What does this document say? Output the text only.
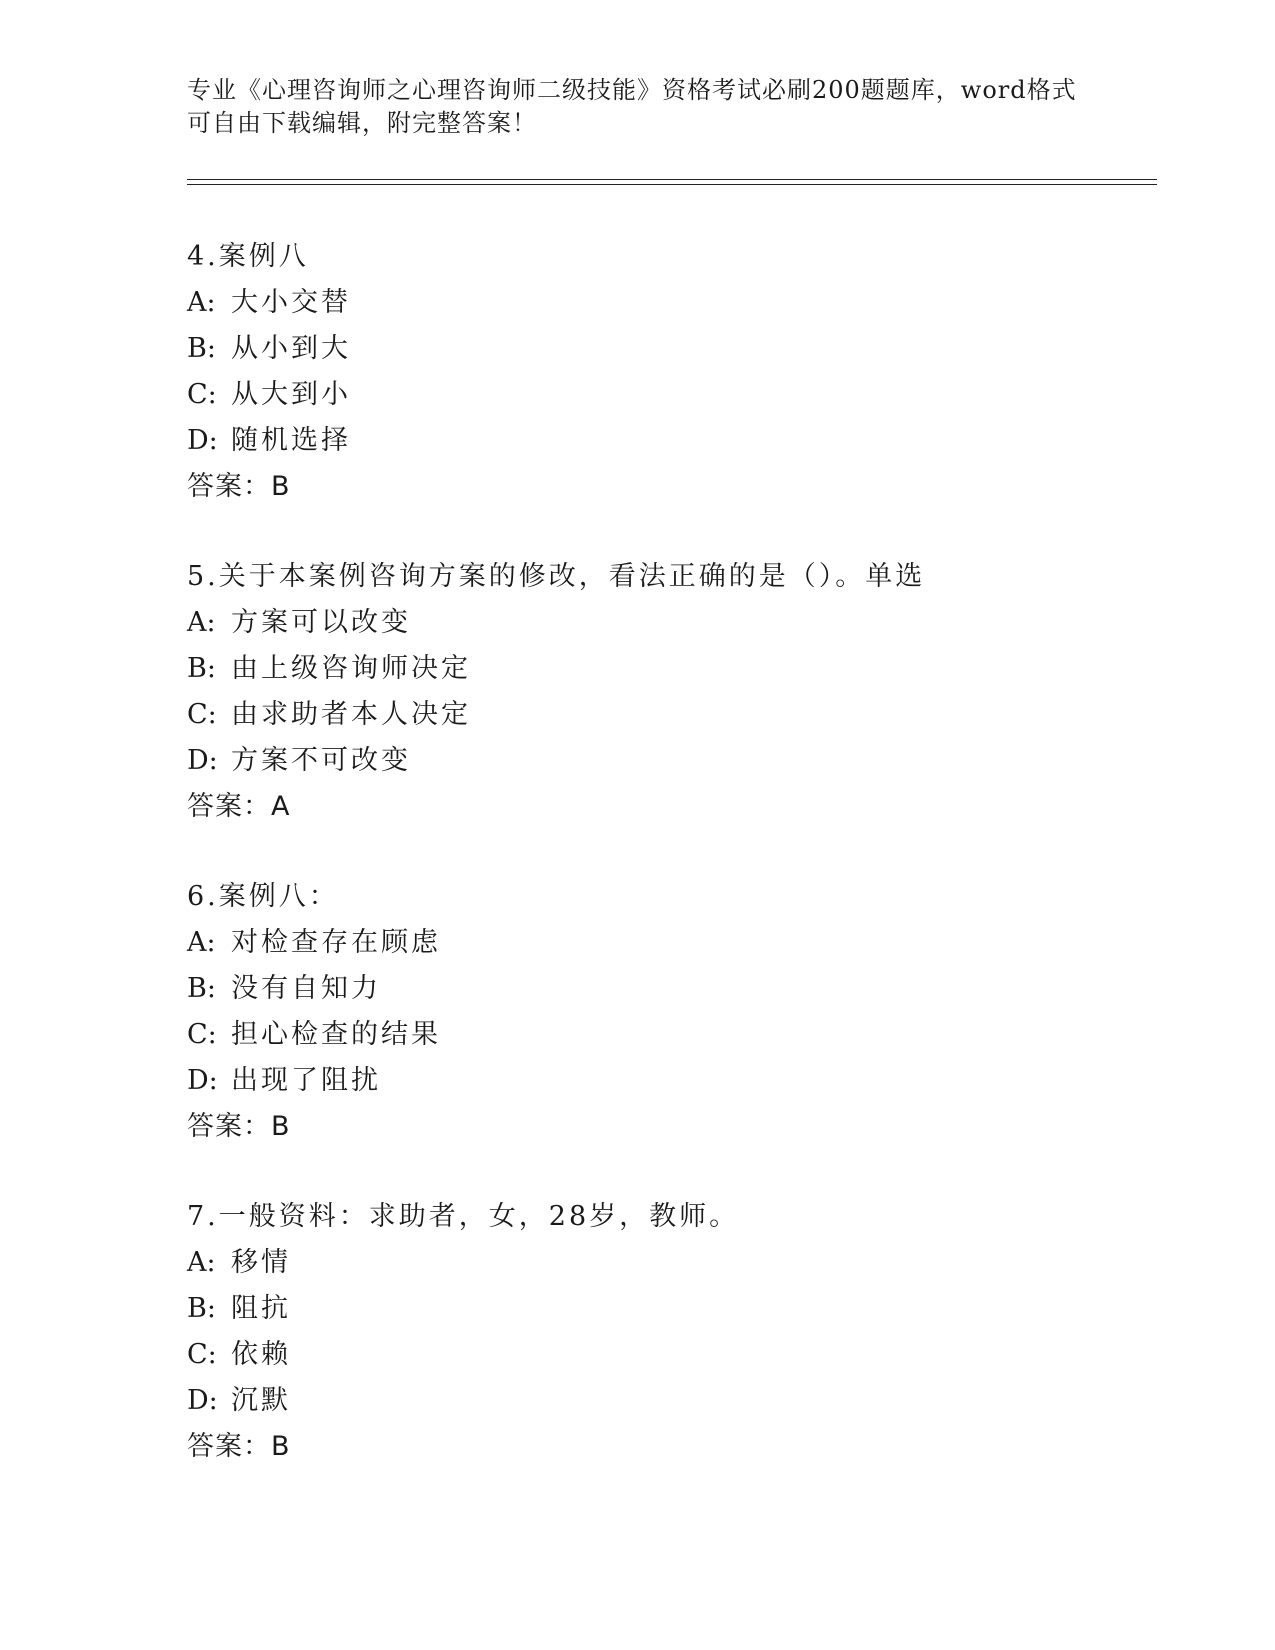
专业《心理咨询师之心理咨询师二级技能》资格考试必刷200题题库，word格式
可自由下载编辑，附完整答案！
4.案例八
A: 大小交替
B: 从小到大
C: 从大到小
D: 随机选择
答案：B
5.关于本案例咨询方案的修改，看法正确的是（）。单选
A: 方案可以改变
B: 由上级咨询师决定
C: 由求助者本人决定
D: 方案不可改变
答案：A
6.案例八：
A: 对检查存在顾虑
B: 没有自知力
C: 担心检查的结果
D: 出现了阻扰
答案：B
7.一般资料：求助者，女，28岁，教师。
A: 移情
B: 阻抗
C: 依赖
D: 沉默
答案：B
